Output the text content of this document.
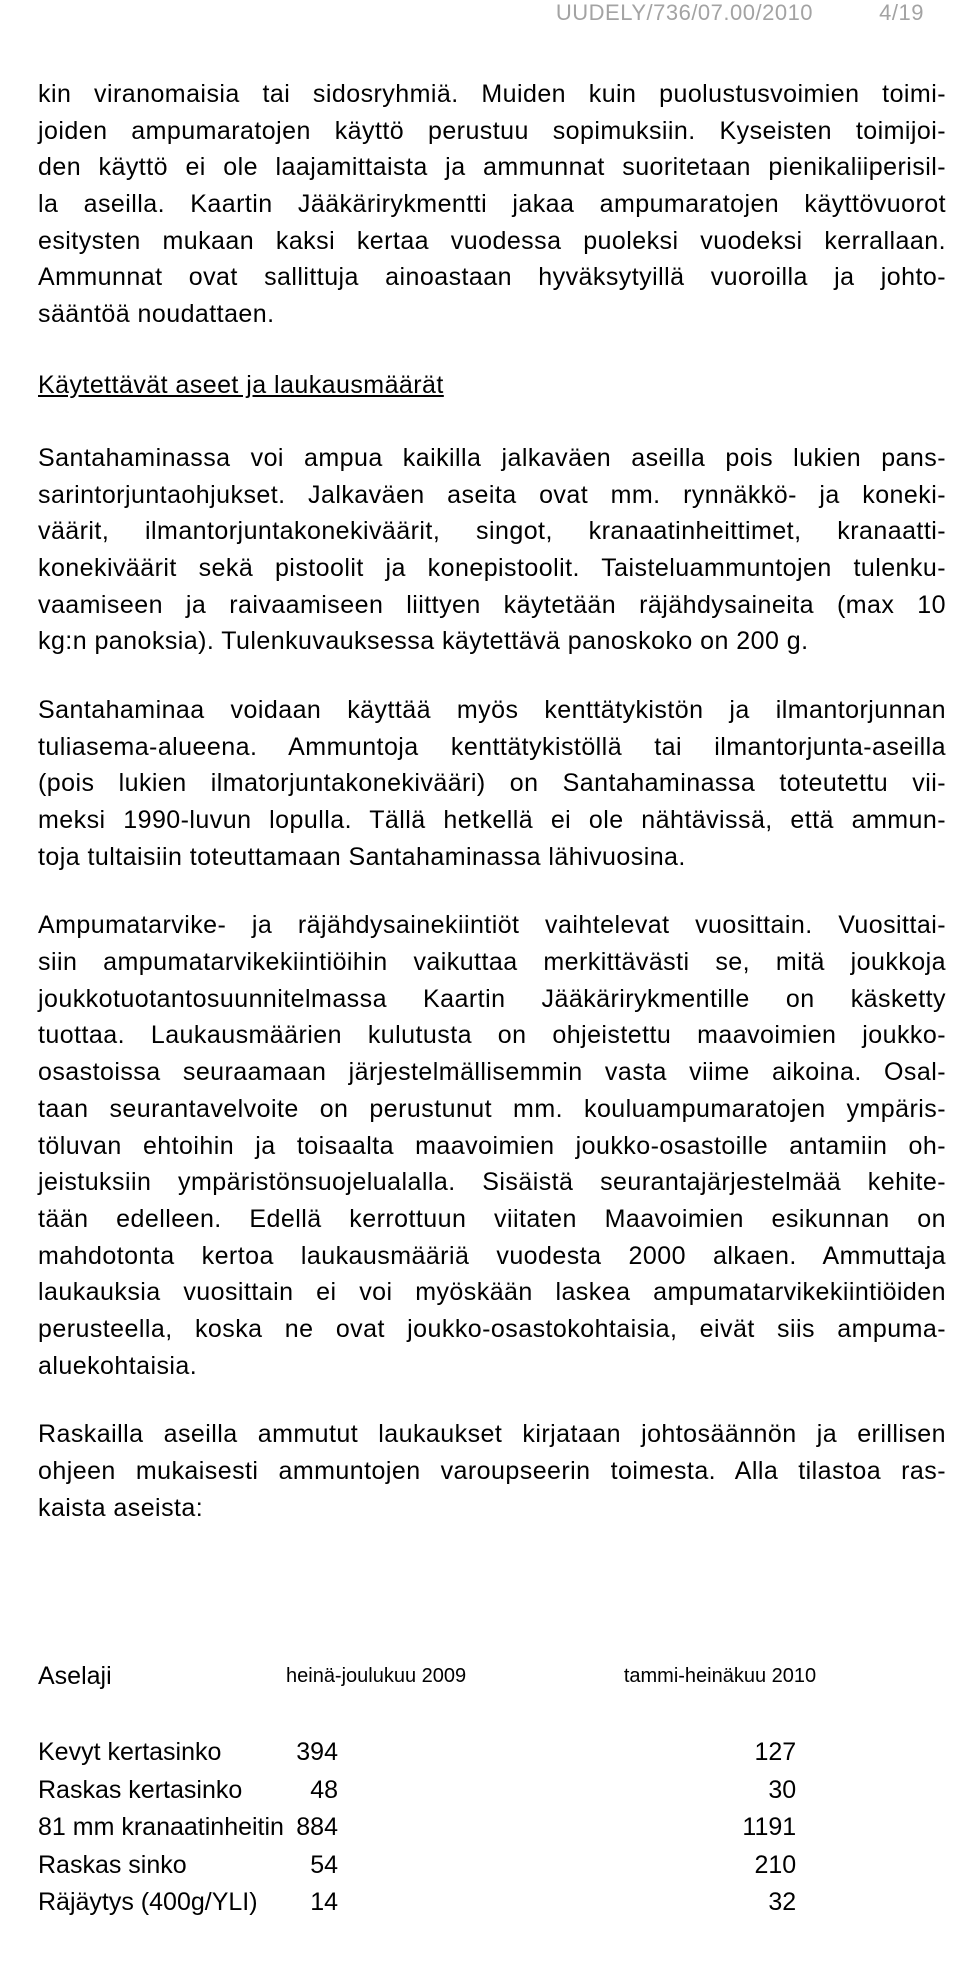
UUDELY/736/07.00/2010	4/19

kin viranomaisia tai sidosryhmiä. Muiden kuin puolustusvoimien toimi-
joiden ampumaratojen käyttö perustuu sopimuksiin. Kyseisten toimijoi-
den käyttö ei ole laajamittaista ja ammunnat suoritetaan pienikaliiperisil-
la aseilla. Kaartin Jääkärirykmentti jakaa ampumaratojen käyttövuorot
esitysten mukaan kaksi kertaa vuodessa puoleksi vuodeksi kerrallaan.
Ammunnat ovat sallittuja ainoastaan hyväksytyillä vuoroilla ja johto-
sääntöä noudattaen.

Käytettävät aseet ja laukausmäärät

Santahaminassa voi ampua kaikilla jalkaväen aseilla pois lukien pans-
sarintorjuntaohjukset. Jalkaväen aseita ovat mm. rynnäkkö- ja koneki-
väärit, ilmantorjuntakonekiväärit, singot, kranaatinheittimet, kranaatti-
konekiväärit sekä pistoolit ja konepistoolit. Taisteluammuntojen tulenku-
vaamiseen ja raivaamiseen liittyen käytetään räjähdysaineita (max 10
kg:n panoksia). Tulenkuvauksessa käytettävä panoskoko on 200 g.

Santahaminaa voidaan käyttää myös kenttätykistön ja ilmantorjunnan
tuliasema-alueena. Ammuntoja kenttätykistöllä tai ilmantorjunta-aseilla
(pois lukien ilmatorjuntakonekivääri) on Santahaminassa toteutettu vii-
meksi 1990-luvun lopulla. Tällä hetkellä ei ole nähtävissä, että ammun-
toja tultaisiin toteuttamaan Santahaminassa lähivuosina.

Ampumatarvike- ja räjähdysainekiintiöt vaihtelevat vuosittain. Vuosittai-
siin ampumatarvikekiintiöihin vaikuttaa merkittävästi se, mitä joukkoja
joukkotuotantosuunnitelmassa Kaartin Jääkärirykmentille on käsketty
tuottaa. Laukausmäärien kulutusta on ohjeistettu maavoimien joukko-
osastoissa seuraamaan järjestelmällisemmin vasta viime aikoina. Osal-
taan seurantavelvoite on perustunut mm. kouluampumaratojen ympäris-
töluvan ehtoihin ja toisaalta maavoimien joukko-osastoille antamiin oh-
jeistuksiin ympäristönsuojelualalla. Sisäistä seurantajärjestelmää kehite-
tään edelleen. Edellä kerrottuun viitaten Maavoimien esikunnan on
mahdotonta kertoa laukausmääriä vuodesta 2000 alkaen. Ammuttaja
laukauksia vuosittain ei voi myöskään laskea ampumatarvikekiintiöiden
perusteella, koska ne ovat joukko-osastokohtaisia, eivät siis ampuma-
aluekohtaisia.

Raskailla aseilla ammutut laukaukset kirjataan johtosäännön ja erillisen
ohjeen mukaisesti ammuntojen varoupseerin toimesta. Alla tilastoa ras-
kaista aseista:

Aselaji	heinä-joulukuu 2009	tammi-heinäkuu 2010

Kevyt kertasinko	394	127
Raskas kertasinko	48	30
81 mm kranaatinheitin	884	1191
Raskas sinko	54	210
Räjäytys (400g/YLI)	14	32
